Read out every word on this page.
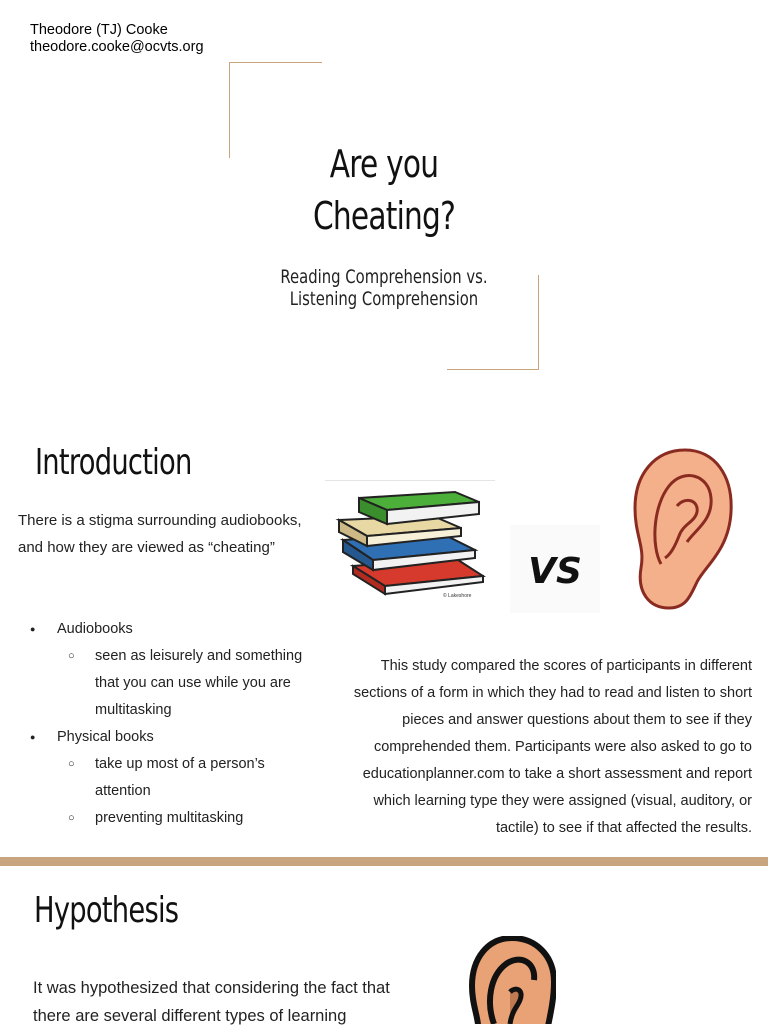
Theodore (TJ) Cooke
theodore.cooke@ocvts.org
Are you
Cheating?
Reading Comprehension vs.
Listening Comprehension
Introduction
There is a stigma surrounding audiobooks, and how they are viewed as “cheating”
● Audiobooks
○ seen as leisurely and something that you can use while you are multitasking
● Physical books
○ take up most of a person’s attention
○ preventing multitasking
This study compared the scores of participants in different sections of a form in which they had to read and listen to short pieces and answer questions about them to see if they comprehended them. Participants were also asked to go to educationplanner.com to take a short assessment and report which learning type they were assigned (visual, auditory, or tactile) to see if that affected the results.
© Lakeshore
VS
Hypothesis
It was hypothesized that considering the fact that there are several different types of learning
